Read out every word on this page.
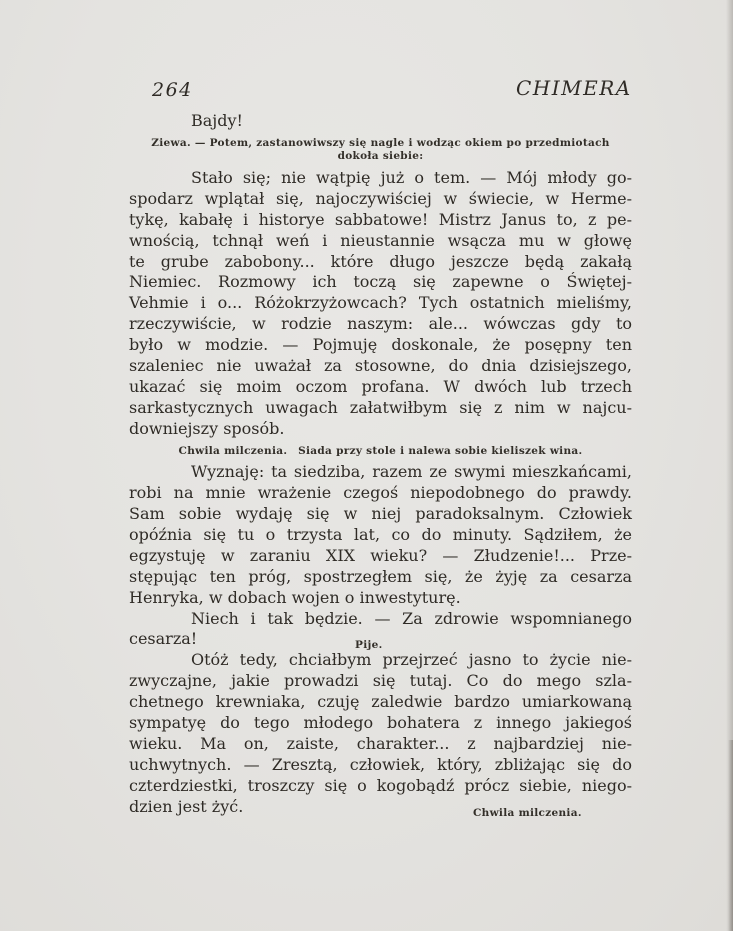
264	CHIMERA
Bajdy!
Ziewa. — Potem, zastanowiwszy się nagle i wodząc okiem po przedmiotach
dokoła siebie:
Stało się; nie wątpię już o tem. — Mój młody go-
spodarz wplątał się, najoczywiściej w świecie, w Herme-
tykę, kabałę i historye sabbatowe! Mistrz Janus to, z pe-
wnością, tchnął weń i nieustannie wsącza mu w głowę
te grube zabobony... które długo jeszcze będą zakałą
Niemiec. Rozmowy ich toczą się zapewne o Świętej-
Vehmie i o... Różokrzyżowcach? Tych ostatnich mieliśmy,
rzeczywiście, w rodzie naszym: ale... wówczas gdy to
było w modzie. — Pojmuję doskonale, że posępny ten
szaleniec nie uważał za stosowne, do dnia dzisiejszego,
ukazać się moim oczom profana. W dwóch lub trzech
sarkastycznych uwagach załatwiłbym się z nim w najcu-
downiejszy sposób.
Chwila milczenia. Siada przy stole i nalewa sobie kieliszek wina.
Wyznaję: ta siedziba, razem ze swymi mieszkańcami,
robi na mnie wrażenie czegoś niepodobnego do prawdy.
Sam sobie wydaję się w niej paradoksalnym. Człowiek
opóźnia się tu o trzysta lat, co do minuty. Sądziłem, że
egzystuję w zaraniu XIX wieku? — Złudzenie!... Prze-
stępując ten próg, spostrzegłem się, że żyję za cesarza
Henryka, w dobach wojen o inwestyturę.
Niech i tak będzie. — Za zdrowie wspomnianego
cesarza!	Pije.
Otóż tedy, chciałbym przejrzeć jasno to życie nie-
zwyczajne, jakie prowadzi się tutaj. Co do mego szla-
chetnego krewniaka, czuję zaledwie bardzo umiarkowaną
sympatyę do tego młodego bohatera z innego jakiegoś
wieku. Ma on, zaiste, charakter... z najbardziej nie-
uchwytnych. — Zresztą, człowiek, który, zbliżając się do
czterdziestki, troszczy się o kogobądź prócz siebie, niego-
dzien jest żyć.	Chwila milczenia.
